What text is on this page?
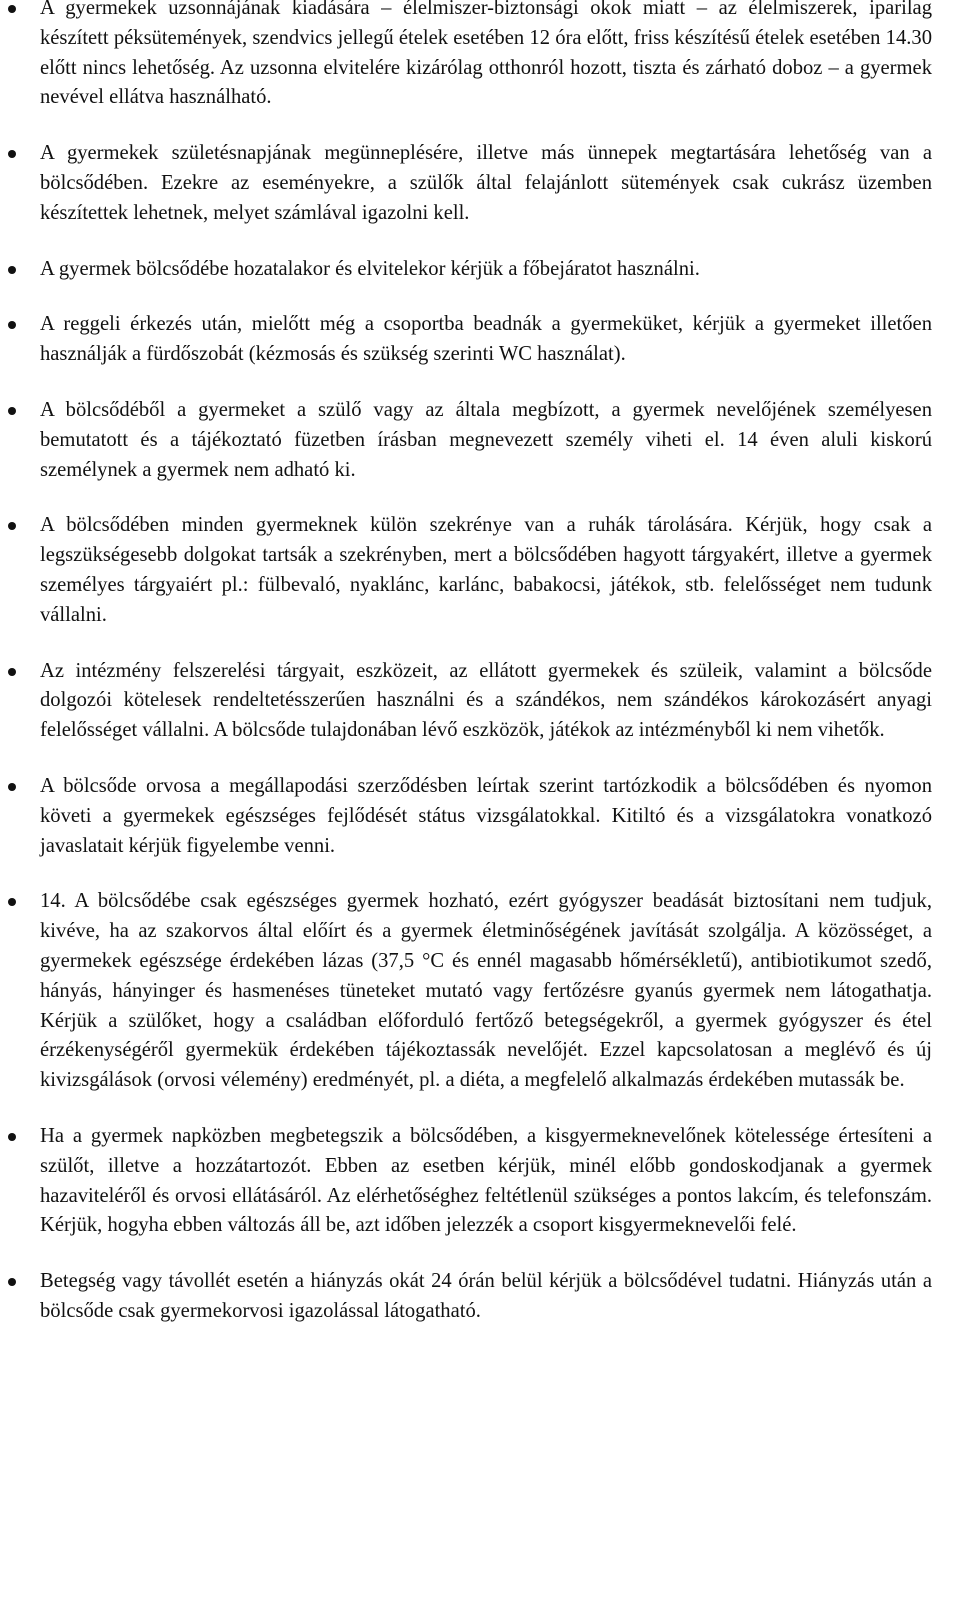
A gyermekek uzsonnájának kiadására – élelmiszer-biztonsági okok miatt – az élelmiszerek, iparilag készített péksütemények, szendvics jellegű ételek esetében 12 óra előtt, friss készítésű ételek esetében 14.30 előtt nincs lehetőség. Az uzsonna elvitelére kizárólag otthonról hozott, tiszta és zárható doboz – a gyermek nevével ellátva használható.
A gyermekek születésnapjának megünneplésére, illetve más ünnepek megtartására lehetőség van a bölcsődében. Ezekre az eseményekre, a szülők által felajánlott sütemények csak cukrász üzemben készítettek lehetnek, melyet számlával igazolni kell.
A gyermek bölcsődébe hozatalakor és elvitelekor kérjük a főbejáratot használni.
A reggeli érkezés után, mielőtt még a csoportba beadnák a gyermeküket, kérjük a gyermeket illetően használják a fürdőszobát (kézmosás és szükség szerinti WC használat).
A bölcsődéből a gyermeket a szülő vagy az általa megbízott, a gyermek nevelőjének személyesen bemutatott és a tájékoztató füzetben írásban megnevezett személy viheti el. 14 éven aluli kiskorú személynek a gyermek nem adható ki.
A bölcsődében minden gyermeknek külön szekrénye van a ruhák tárolására. Kérjük, hogy csak a legszükségesebb dolgokat tartsák a szekrényben, mert a bölcsődében hagyott tárgyakért, illetve a gyermek személyes tárgyaiért pl.: fülbevaló, nyaklánc, karlánc, babakocsi, játékok, stb. felelősséget nem tudunk vállalni.
Az intézmény felszerelési tárgyait, eszközeit, az ellátott gyermekek és szüleik, valamint a bölcsőde dolgozói kötelesek rendeltetésszerűen használni és a szándékos, nem szándékos károkozásért anyagi felelősséget vállalni. A bölcsőde tulajdonában lévő eszközök, játékok az intézményből ki nem vihetők.
A bölcsőde orvosa a megállapodási szerződésben leírtak szerint tartózkodik a bölcsődében és nyomon követi a gyermekek egészséges fejlődését státus vizsgálatokkal. Kitiltó és a vizsgálatokra vonatkozó javaslatait kérjük figyelembe venni.
14. A bölcsődébe csak egészséges gyermek hozható, ezért gyógyszer beadását biztosítani nem tudjuk, kivéve, ha az szakorvos által előírt és a gyermek életminőségének javítását szolgálja. A közösséget, a gyermekek egészsége érdekében lázas (37,5 °C és ennél magasabb hőmérsékletű), antibiotikumot szedő, hányás, hányinger és hasmenéses tüneteket mutató vagy fertőzésre gyanús gyermek nem látogathatja. Kérjük a szülőket, hogy a családban előforduló fertőző betegségekről, a gyermek gyógyszer és étel érzékenységéről gyermekük érdekében tájékoztassák nevelőjét. Ezzel kapcsolatosan a meglévő és új kivizsgálások (orvosi vélemény) eredményét, pl. a diéta, a megfelelő alkalmazás érdekében mutassák be.
Ha a gyermek napközben megbetegszik a bölcsődében, a kisgyermeknevelőnek kötelessége értesíteni a szülőt, illetve a hozzátartozót. Ebben az esetben kérjük, minél előbb gondoskodjanak a gyermek hazaviteléről és orvosi ellátásáról. Az elérhetőséghez feltétlenül szükséges a pontos lakcím, és telefonszám. Kérjük, hogyha ebben változás áll be, azt időben jelezzék a csoport kisgyermeknevelői felé.
Betegség vagy távollét esetén a hiányzás okát 24 órán belül kérjük a bölcsődével tudatni. Hiányzás után a bölcsőde csak gyermekorvosi igazolással látogatható.
